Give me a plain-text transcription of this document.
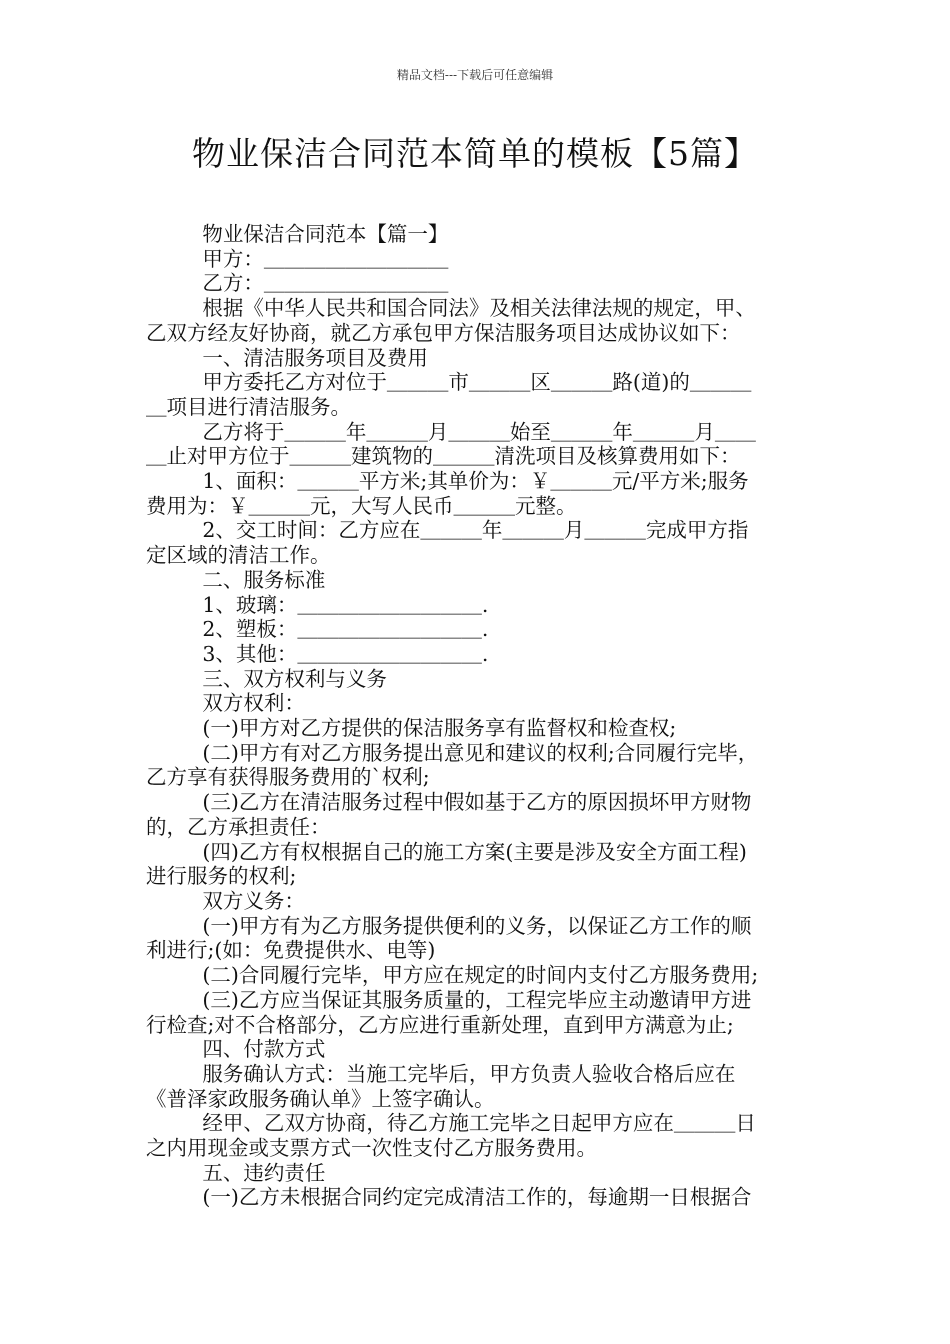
精品文档---下载后可任意编辑
物业保洁合同范本简单的模板【5篇】

物业保洁合同范本【篇一】

甲方：＿＿＿＿＿＿＿＿＿

乙方：＿＿＿＿＿＿＿＿＿

根据《中华人民共和国合同法》及相关法律法规的规定，甲、

乙双方经友好协商，就乙方承包甲方保洁服务项目达成协议如下：

一、清洁服务项目及费用

甲方委托乙方对位于＿＿＿市＿＿＿区＿＿＿路(道)的＿＿＿

＿项目进行清洁服务。

乙方将于＿＿＿年＿＿＿月＿＿＿始至＿＿＿年＿＿＿月＿＿

＿止对甲方位于＿＿＿建筑物的＿＿＿清洗项目及核算费用如下：

1、面积：＿＿＿平方米;其单价为：￥＿＿＿元/平方米;服务

费用为：￥＿＿＿元，大写人民币＿＿＿元整。

2、交工时间：乙方应在＿＿＿年＿＿＿月＿＿＿完成甲方指

定区域的清洁工作。

二、服务标准

1、玻璃：＿＿＿＿＿＿＿＿＿.

2、塑板：＿＿＿＿＿＿＿＿＿.

3、其他：＿＿＿＿＿＿＿＿＿.

三、双方权利与义务

双方权利：

(一)甲方对乙方提供的保洁服务享有监督权和检查权;

(二)甲方有对乙方服务提出意见和建议的权利;合同履行完毕，

乙方享有获得服务费用的`权利;

(三)乙方在清洁服务过程中假如基于乙方的原因损坏甲方财物

的，乙方承担责任：

(四)乙方有权根据自己的施工方案(主要是涉及安全方面工程)

进行服务的权利;

双方义务：

(一)甲方有为乙方服务提供便利的义务，以保证乙方工作的顺

利进行;(如：免费提供水、电等)

(二)合同履行完毕，甲方应在规定的时间内支付乙方服务费用;

(三)乙方应当保证其服务质量的，工程完毕应主动邀请甲方进

行检查;对不合格部分，乙方应进行重新处理，直到甲方满意为止;

四、付款方式

服务确认方式：当施工完毕后，甲方负责人验收合格后应在

《普泽家政服务确认单》上签字确认。

经甲、乙双方协商，待乙方施工完毕之日起甲方应在＿＿＿日

之内用现金或支票方式一次性支付乙方服务费用。

五、违约责任

(一)乙方未根据合同约定完成清洁工作的，每逾期一日根据合
